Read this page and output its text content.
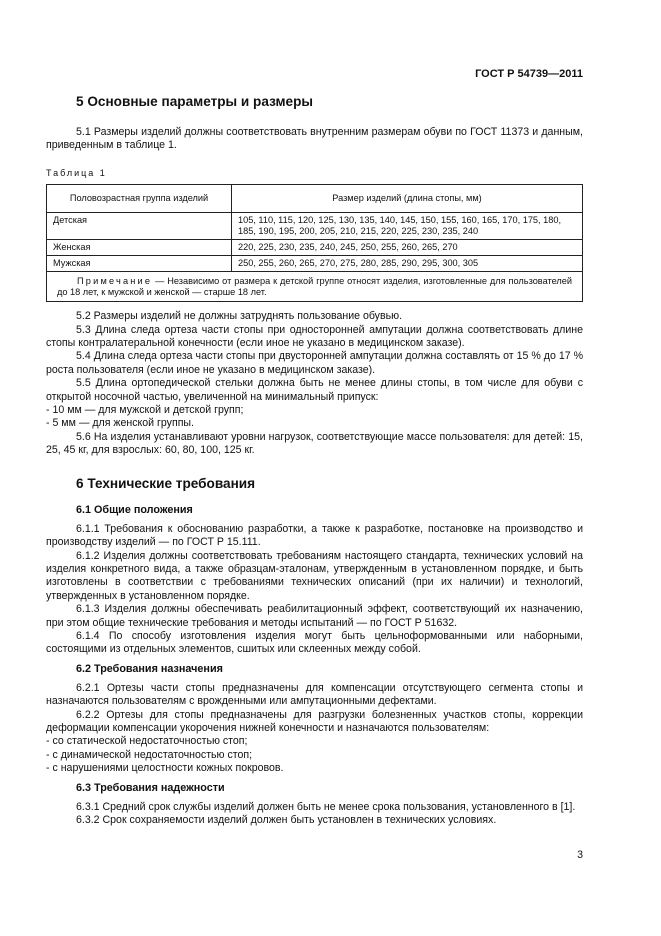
ГОСТ Р 54739—2011
5 Основные параметры и размеры

5.1 Размеры изделий должны соответствовать внутренним размерам обуви по ГОСТ 11373 и данным, приведенным в таблице 1.

Таблица 1
Половозрастная группа изделий	Размер изделий (длина стопы, мм)
Детская	105, 110, 115, 120, 125, 130, 135, 140, 145, 150, 155, 160, 165, 170, 175, 180, 185, 190, 195, 200, 205, 210, 215, 220, 225, 230, 235, 240
Женская	220, 225, 230, 235, 240, 245, 250, 255, 260, 265, 270
Мужская	250, 255, 260, 265, 270, 275, 280, 285, 290, 295, 300, 305
Примечание — Независимо от размера к детской группе относят изделия, изготовленные для пользователей до 18 лет, к мужской и женской — старше 18 лет.	

5.2 Размеры изделий не должны затруднять пользование обувью.

5.3 Длина следа ортеза части стопы при односторонней ампутации должна соответствовать длине стопы контралатеральной конечности (если иное не указано в медицинском заказе).

5.4 Длина следа ортеза части стопы при двусторонней ампутации должна составлять от 15 % до 17 % роста пользователя (если иное не указано в медицинском заказе).

5.5 Длина ортопедической стельки должна быть не менее длины стопы, в том числе для обуви с открытой носочной частью, увеличенной на минимальный припуск:

- 10 мм — для мужской и детской групп;

- 5 мм — для женской группы.

5.6 На изделия устанавливают уровни нагрузок, соответствующие массе пользователя: для детей: 15, 25, 45 кг, для взрослых: 60, 80, 100, 125 кг.

6 Технические требования
6.1 Общие положения

6.1.1 Требования к обоснованию разработки, а также к разработке, постановке на производство и производству изделий — по ГОСТ Р 15.111.

6.1.2 Изделия должны соответствовать требованиям настоящего стандарта, технических условий на изделия конкретного вида, а также образцам-эталонам, утвержденным в установленном порядке, и быть изготовлены в соответствии с требованиями технических описаний (при их наличии) и технологий, утвержденных в установленном порядке.

6.1.3 Изделия должны обеспечивать реабилитационный эффект, соответствующий их назначению, при этом общие технические требования и методы испытаний — по ГОСТ Р 51632.

6.1.4 По способу изготовления изделия могут быть цельноформованными или наборными, состоящими из отдельных элементов, сшитых или склеенных между собой.

6.2 Требования назначения

6.2.1 Ортезы части стопы предназначены для компенсации отсутствующего сегмента стопы и назначаются пользователям с врожденными или ампутационными дефектами.

6.2.2 Ортезы для стопы предназначены для разгрузки болезненных участков стопы, коррекции деформации компенсации укорочения нижней конечности и назначаются пользователям:

- со статической недостаточностью стоп;

- с динамической недостаточностью стоп;

- с нарушениями целостности кожных покровов.

6.3 Требования надежности

6.3.1 Средний срок службы изделий должен быть не менее срока пользования, установленного в [1].

6.3.2 Срок сохраняемости изделий должен быть установлен в технических условиях.

3
